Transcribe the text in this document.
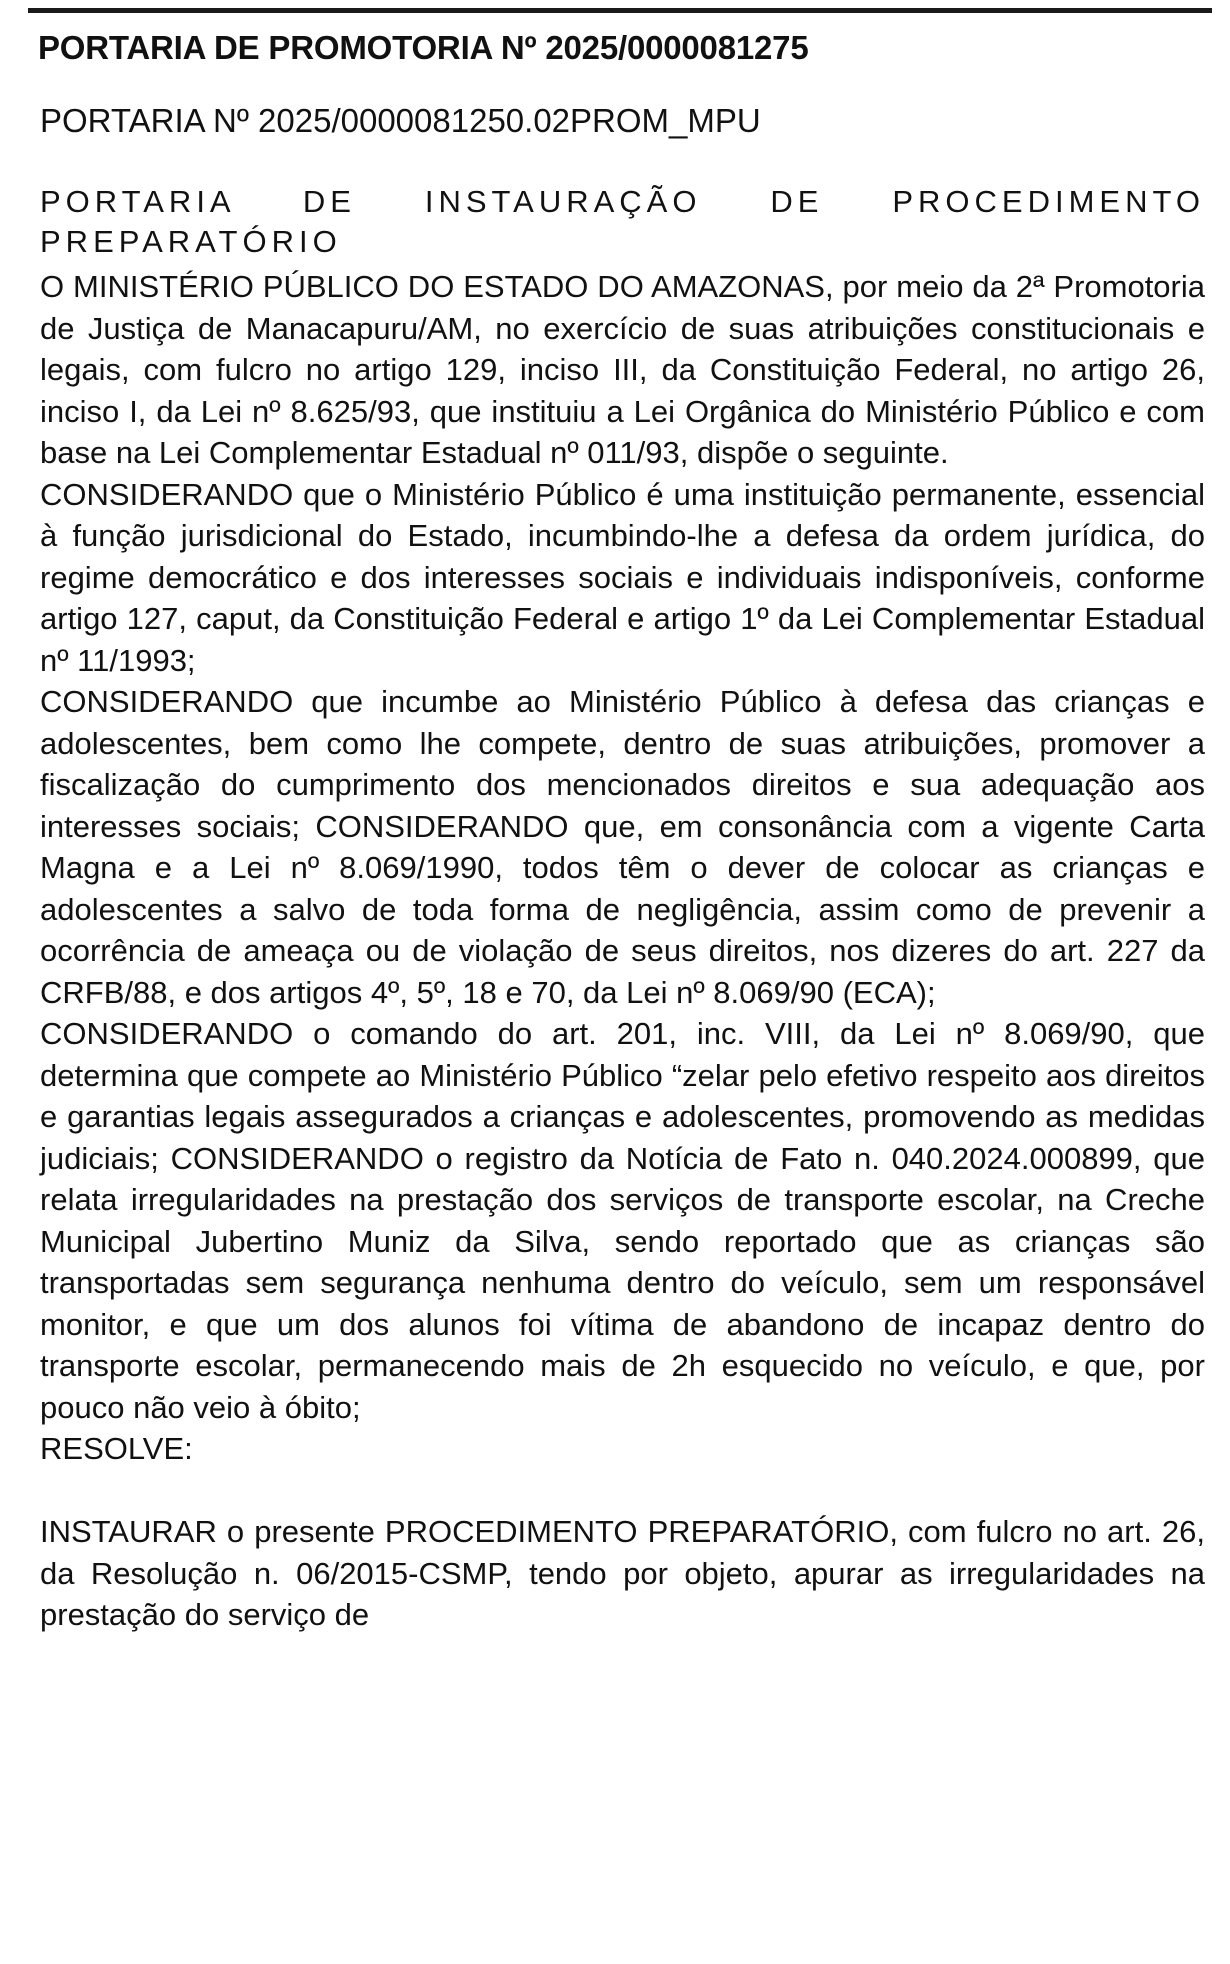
PORTARIA DE PROMOTORIA Nº 2025/0000081275
PORTARIA Nº 2025/0000081250.02PROM_MPU
PORTARIA DE INSTAURAÇÃO DE PROCEDIMENTO PREPARATÓRIO

O MINISTÉRIO PÚBLICO DO ESTADO DO AMAZONAS, por meio da 2ª Promotoria de Justiça de Manacapuru/AM, no exercício de suas atribuições constitucionais e legais, com fulcro no artigo 129, inciso III, da Constituição Federal, no artigo 26, inciso I, da Lei nº 8.625/93, que instituiu a Lei Orgânica do Ministério Público e com base na Lei Complementar Estadual nº 011/93, dispõe o seguinte.

CONSIDERANDO que o Ministério Público é uma instituição permanente, essencial à função jurisdicional do Estado, incumbindo-lhe a defesa da ordem jurídica, do regime democrático e dos interesses sociais e individuais indisponíveis, conforme artigo 127, caput, da Constituição Federal e artigo 1º da Lei Complementar Estadual nº 11/1993;

CONSIDERANDO que incumbe ao Ministério Público à defesa das crianças e adolescentes, bem como lhe compete, dentro de suas atribuições, promover a fiscalização do cumprimento dos mencionados direitos e sua adequação aos interesses sociais; CONSIDERANDO que, em consonância com a vigente Carta Magna e a Lei nº 8.069/1990, todos têm o dever de colocar as crianças e adolescentes a salvo de toda forma de negligência, assim como de prevenir a ocorrência de ameaça ou de violação de seus direitos, nos dizeres do art. 227 da CRFB/88, e dos artigos 4º, 5º, 18 e 70, da Lei nº 8.069/90 (ECA);

CONSIDERANDO o comando do art. 201, inc. VIII, da Lei nº 8.069/90, que determina que compete ao Ministério Público “zelar pelo efetivo respeito aos direitos e garantias legais assegurados a crianças e adolescentes, promovendo as medidas judiciais; CONSIDERANDO o registro da Notícia de Fato n. 040.2024.000899, que relata irregularidades na prestação dos serviços de transporte escolar, na Creche Municipal Jubertino Muniz da Silva, sendo reportado que as crianças são transportadas sem segurança nenhuma dentro do veículo, sem um responsável monitor, e que um dos alunos foi vítima de abandono de incapaz dentro do transporte escolar, permanecendo mais de 2h esquecido no veículo, e que, por pouco não veio à óbito;

RESOLVE:

INSTAURAR o presente PROCEDIMENTO PREPARATÓRIO, com fulcro no art. 26, da Resolução n. 06/2015-CSMP, tendo por objeto, apurar as irregularidades na prestação do serviço de
